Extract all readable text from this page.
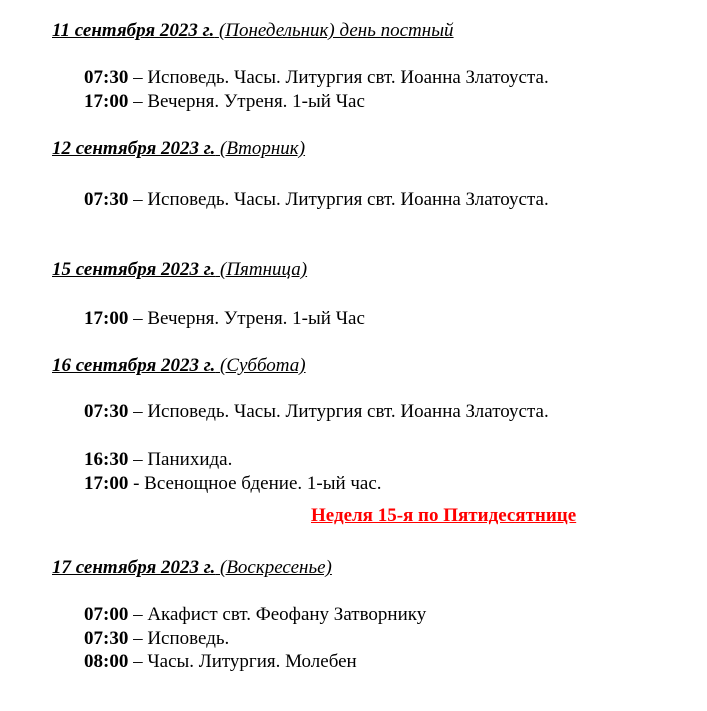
11 сентября 2023 г. (Понедельник) день постный
07:30 – Исповедь. Часы. Литургия свт. Иоанна Златоуста.
17:00 – Вечерня. Утреня. 1-ый Час
12 сентября 2023 г. (Вторник)
07:30 – Исповедь. Часы. Литургия свт. Иоанна Златоуста.
15 сентября 2023 г. (Пятница)
17:00 – Вечерня. Утреня. 1-ый Час
16 сентября 2023 г. (Суббота)
07:30 – Исповедь. Часы. Литургия свт. Иоанна Златоуста.
16:30 – Панихида.
17:00 - Всенощное бдение. 1-ый час.
Неделя 15-я по Пятидесятнице
17 сентября 2023 г. (Воскресенье)
07:00 – Акафист свт. Феофану Затворнику
07:30 – Исповедь.
08:00 – Часы. Литургия. Молебен
